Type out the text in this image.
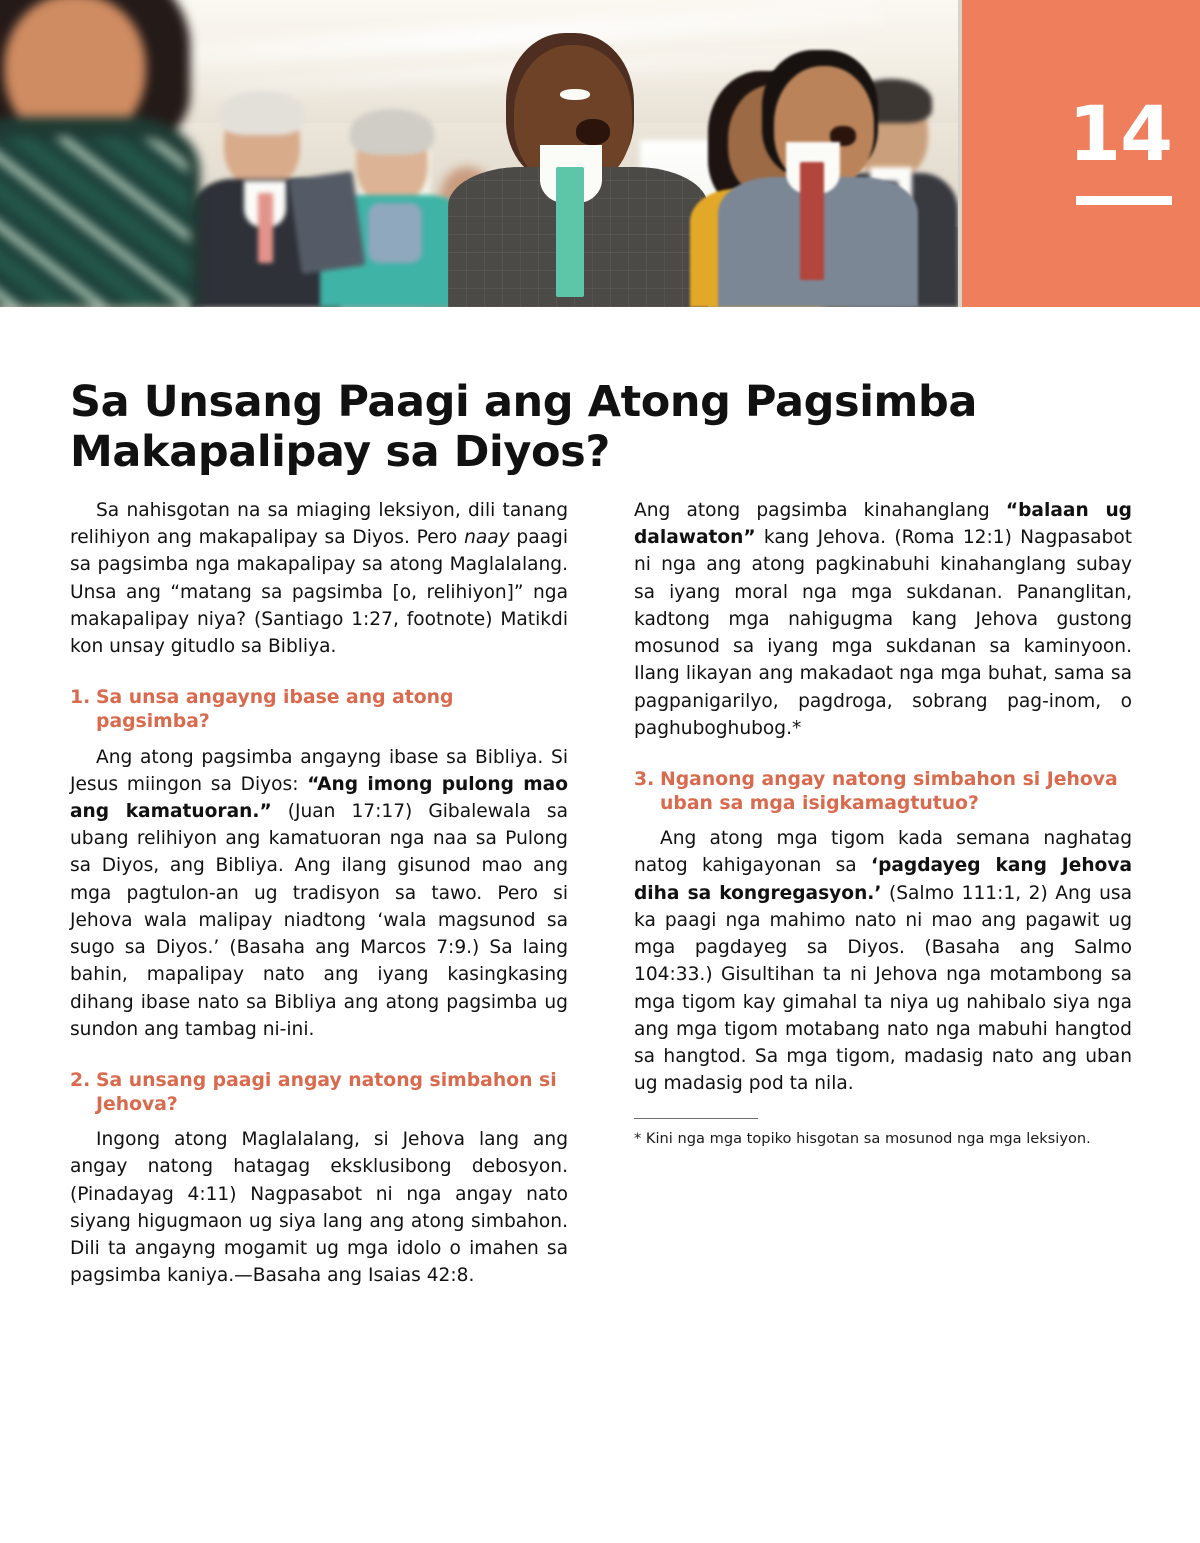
14
Sa Unsang Paagi ang Atong Pagsimba Makapalipay sa Diyos?

Sa nahisgotan na sa miaging leksiyon, dili tanang relihiyon ang makapalipay sa Diyos. Pero naay paagi sa pagsimba nga makapalipay sa atong Maglalalang. Unsa ang “matang sa pagsimba [o, relihiyon]” nga makapalipay niya? (Santiago 1:27, footnote) Matikdi kon unsay gitudlo sa Bibliya.

1. Sa unsa angayng ibase ang atong pagsimba?

Ang atong pagsimba angayng ibase sa Bibliya. Si Jesus miingon sa Diyos: “Ang imong pulong mao ang kamatuoran.” (Juan 17:17) Gibalewala sa ubang relihiyon ang kamatuoran nga naa sa Pulong sa Diyos, ang Bibliya. Ang ilang gisunod mao ang mga pagtulon-an ug tradisyon sa tawo. Pero si Jehova wala malipay niadtong ‘wala magsunod sa sugo sa Diyos.’ (Basaha ang Marcos 7:9.) Sa laing bahin, mapalipay nato ang iyang kasingkasing dihang ibase nato sa Bibliya ang atong pagsimba ug sundon ang tambag ni-ini.

2. Sa unsang paagi angay natong simbahon si Jehova?

Ingong atong Maglalalang, si Jehova lang ang angay natong hatagag eksklusibong debosyon. (Pinadayag 4:11) Nagpasabot ni nga angay nato siyang higugmaon ug siya lang ang atong simbahon. Dili ta angayng mogamit ug mga idolo o imahen sa pagsimba kaniya.—Basaha ang Isaias 42:8.

Ang atong pagsimba kinahanglang “balaan ug dalawaton” kang Jehova. (Roma 12:1) Nagpasabot ni nga ang atong pagkinabuhi kinahanglang subay sa iyang moral nga mga sukdanan. Pananglitan, kadtong mga nahigugma kang Jehova gustong mosunod sa iyang mga sukdanan sa kaminyoon. Ilang likayan ang makadaot nga mga buhat, sama sa pagpanigarilyo, pagdroga, sobrang pag-inom, o paghuboghubog.*

3. Nganong angay natong simbahon si Jehova uban sa mga isigkamagtutuo?

Ang atong mga tigom kada semana naghatag natog kahigayonan sa ‘pagdayeg kang Jehova diha sa kongregasyon.’ (Salmo 111:1, 2) Ang usa ka paagi nga mahimo nato ni mao ang pagawit ug mga pagdayeg sa Diyos. (Basaha ang Salmo 104:33.) Gisultihan ta ni Jehova nga motambong sa mga tigom kay gimahal ta niya ug nahibalo siya nga ang mga tigom motabang nato nga mabuhi hangtod sa hangtod. Sa mga tigom, madasig nato ang uban ug madasig pod ta nila.

* Kini nga mga topiko hisgotan sa mosunod nga mga leksiyon.
